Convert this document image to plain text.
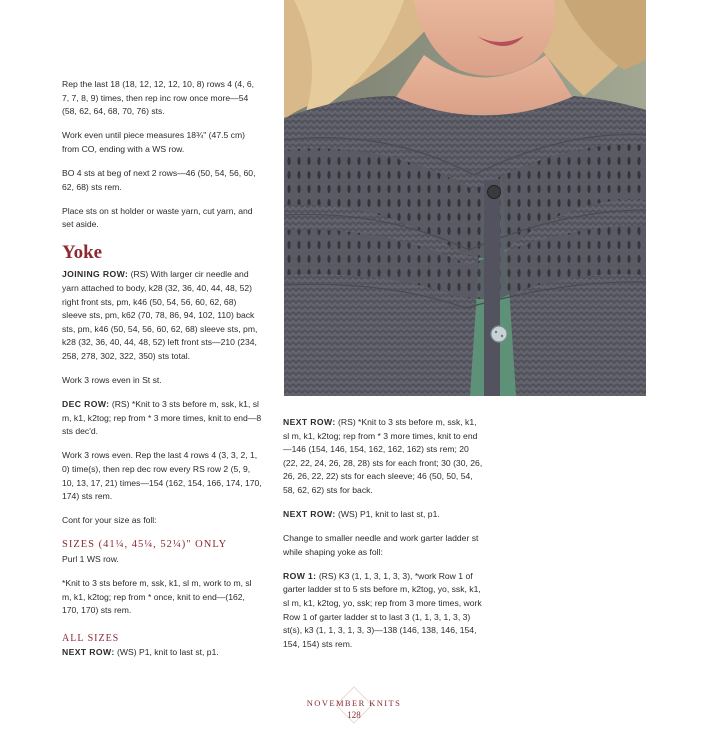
Rep the last 18 (18, 12, 12, 12, 10, 8) rows 4 (4, 6, 7, 7, 8, 9) times, then rep inc row once more—54 (58, 62, 64, 68, 70, 76) sts.

Work even until piece measures 18¾" (47.5 cm) from CO, ending with a WS row.

BO 4 sts at beg of next 2 rows—46 (50, 54, 56, 60, 62, 68) sts rem.

Place sts on st holder or waste yarn, cut yarn, and set aside.

Yoke

JOINING ROW: (RS) With larger cir needle and yarn attached to body, k28 (32, 36, 40, 44, 48, 52) right front sts, pm, k46 (50, 54, 56, 60, 62, 68) sleeve sts, pm, k62 (70, 78, 86, 94, 102, 110) back sts, pm, k46 (50, 54, 56, 60, 62, 68) sleeve sts, pm, k28 (32, 36, 40, 44, 48, 52) left front sts—210 (234, 258, 278, 302, 322, 350) sts total.

Work 3 rows even in St st.

DEC ROW: (RS) *Knit to 3 sts before m, ssk, k1, sl m, k1, k2tog; rep from * 3 more times, knit to end—8 sts dec'd.

Work 3 rows even. Rep the last 4 rows 4 (3, 3, 2, 1, 0) time(s), then rep dec row every RS row 2 (5, 9, 10, 13, 17, 21) times—154 (162, 154, 166, 174, 170, 174) sts rem.

Cont for your size as foll:

SIZES (41¼, 45¼, 52¼)" ONLY

Purl 1 WS row.

*Knit to 3 sts before m, ssk, k1, sl m, work to m, sl m, k1, k2tog; rep from * once, knit to end—(162, 170, 170) sts rem.

ALL SIZES

NEXT ROW: (WS) P1, knit to last st, p1.

NEXT ROW: (RS) *Knit to 3 sts before m, ssk, k1, sl m, k1, k2tog; rep from * 3 more times, knit to end—146 (154, 146, 154, 162, 162, 162) sts rem; 20 (22, 22, 24, 26, 28, 28) sts for each front; 30 (30, 26, 26, 26, 22, 22) sts for each sleeve; 46 (50, 50, 54, 58, 62, 62) sts for back.

NEXT ROW: (WS) P1, knit to last st, p1.

Change to smaller needle and work garter ladder st while shaping yoke as foll:

ROW 1: (RS) K3 (1, 1, 3, 1, 3, 3), *work Row 1 of garter ladder st to 5 sts before m, k2tog, yo, ssk, k1, sl m, k1, k2tog, yo, ssk; rep from 3 more times, work Row 1 of garter ladder st to last 3 (1, 1, 3, 1, 3, 3) st(s), k3 (1, 1, 3, 1, 3, 3)—138 (146, 138, 146, 154, 154, 154) sts rem.

NOVEMBER KNITS
128
